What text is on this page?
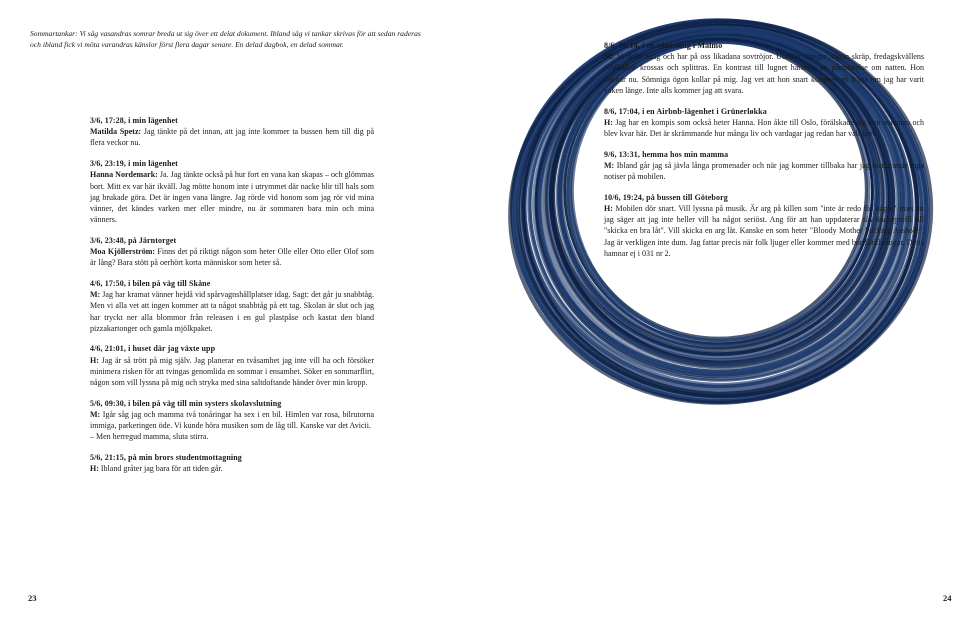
Sommartankar: Vi såg vasandras somrar breda ut sig över ett delat dokument. Ibland såg vi tankar skrivas för att sedan raderas och ibland fick vi möta varandras känslor först flera dagar senare. En delad dagbok, en delad sommar.

3/6, 17:28, i min lägenhet

Matilda Spetz: Jag tänkte på det innan, att jag inte kommer ta bussen hem till dig på flera veckor nu.

3/6, 23:19, i min lägenhet

Hanna Nordemark: Ja. Jag tänkte också på hur fort en vana kan skapas – och glömmas bort. Mitt ex var här ikväll. Jag mötte honom inte i utrymmet där nacke blir till hals som jag brukade göra. Det är ingen vana längre. Jag rörde vid honom som jag rör vid mina vänner, det kändes varken mer eller mindre, nu är sommaren bara min och mina vänners.

3/6, 23:48, på Järntorget

Moa Kjöllerström: Finns det på riktigt någon som heter Olle eller Otto eller Olof som är lång? Bara stött på oerhört korta människor som heter så.

4/6, 17:50, i bilen på väg till Skåne

M: Jag har kramat vänner hejdå vid spårvagnshållplatser idag. Sagt: det går ju snabbtåg. Men vi alla vet att ingen kommer att ta något snabbtåg på ett tag. Skolan är slut och jag har tryckt ner alla blommor från releasen i en gul plastpåse och kastat den bland pizzakartonger och gamla mjölkpaket.

4/6, 21:01, i huset där jag växte upp

H: Jag är så trött på mig själv. Jag planerar en tvåsamhet jag inte vill ha och försöker minimera risken för att tvingas genomlida en sommar i ensamhet. Söker en sommarflirt, någon som vill lyssna på mig och stryka med sina saltdoftande händer över min kropp.

5/6, 09:30, i bilen på väg till min systers skolavslutning

M: Igår såg jag och mamma två tonåringar ha sex i en bil. Himlen var rosa, bilrutorna immiga, parkeringen öde. Vi kunde höra musiken som de låg till. Kanske var det Avicii.

– Men herregud mamma, sluta stirra.

5/6, 21:15, på min brors studentmottagning

H: Ibland gråter jag bara för att tiden går.

8/6, 10:14, i en väns säng i Malmö

M: Vi delar säng och har på oss likadana sovtröjor. Utanför slänger någon skräp, fredagskvällens vinflaskor krossas och splittras. En kontrast till lugnet härinne, en påminnelse om natten. Hon vaknar nu. Sömniga ögon kollar på mig. Jag vet att hon snart kommer att fråga om jag har varit vaken länge. Inte alls kommer jag att svara.

8/6, 17:04, i en Airbnb-lägenhet i Grünerløkka

H: Jag har en kompis som också heter Hanna. Hon åkte till Oslo, förälskade sig i en norrman och blev kvar här. Det är skrämmande hur många liv och vardagar jag redan har valt bort.

9/6, 13:31, hemma hos min mamma

M: Ibland går jag så jävla långa promenader och när jag kommer tillbaka har jag fortfarande inga notiser på mobilen.

10/6, 19:24, på bussen till Göteborg

H: Mobilen dör snart. Vill lyssna på musik. Är arg på killen som "inte är redo för något" trots att jag säger att jag inte heller vill ha något seriöst. Ang för att han uppdaterar sin tinderprofil till "skicka en bra låt". Vill skicka en arg låt. Kanske en som heter "Bloody Mother Fucking Asshole". Jag är verkligen inte dum. Jag fattar precis när folk ljuger eller kommer med bortförklaringar. Detta hamnar ej i 031 nr 2.

23	24
